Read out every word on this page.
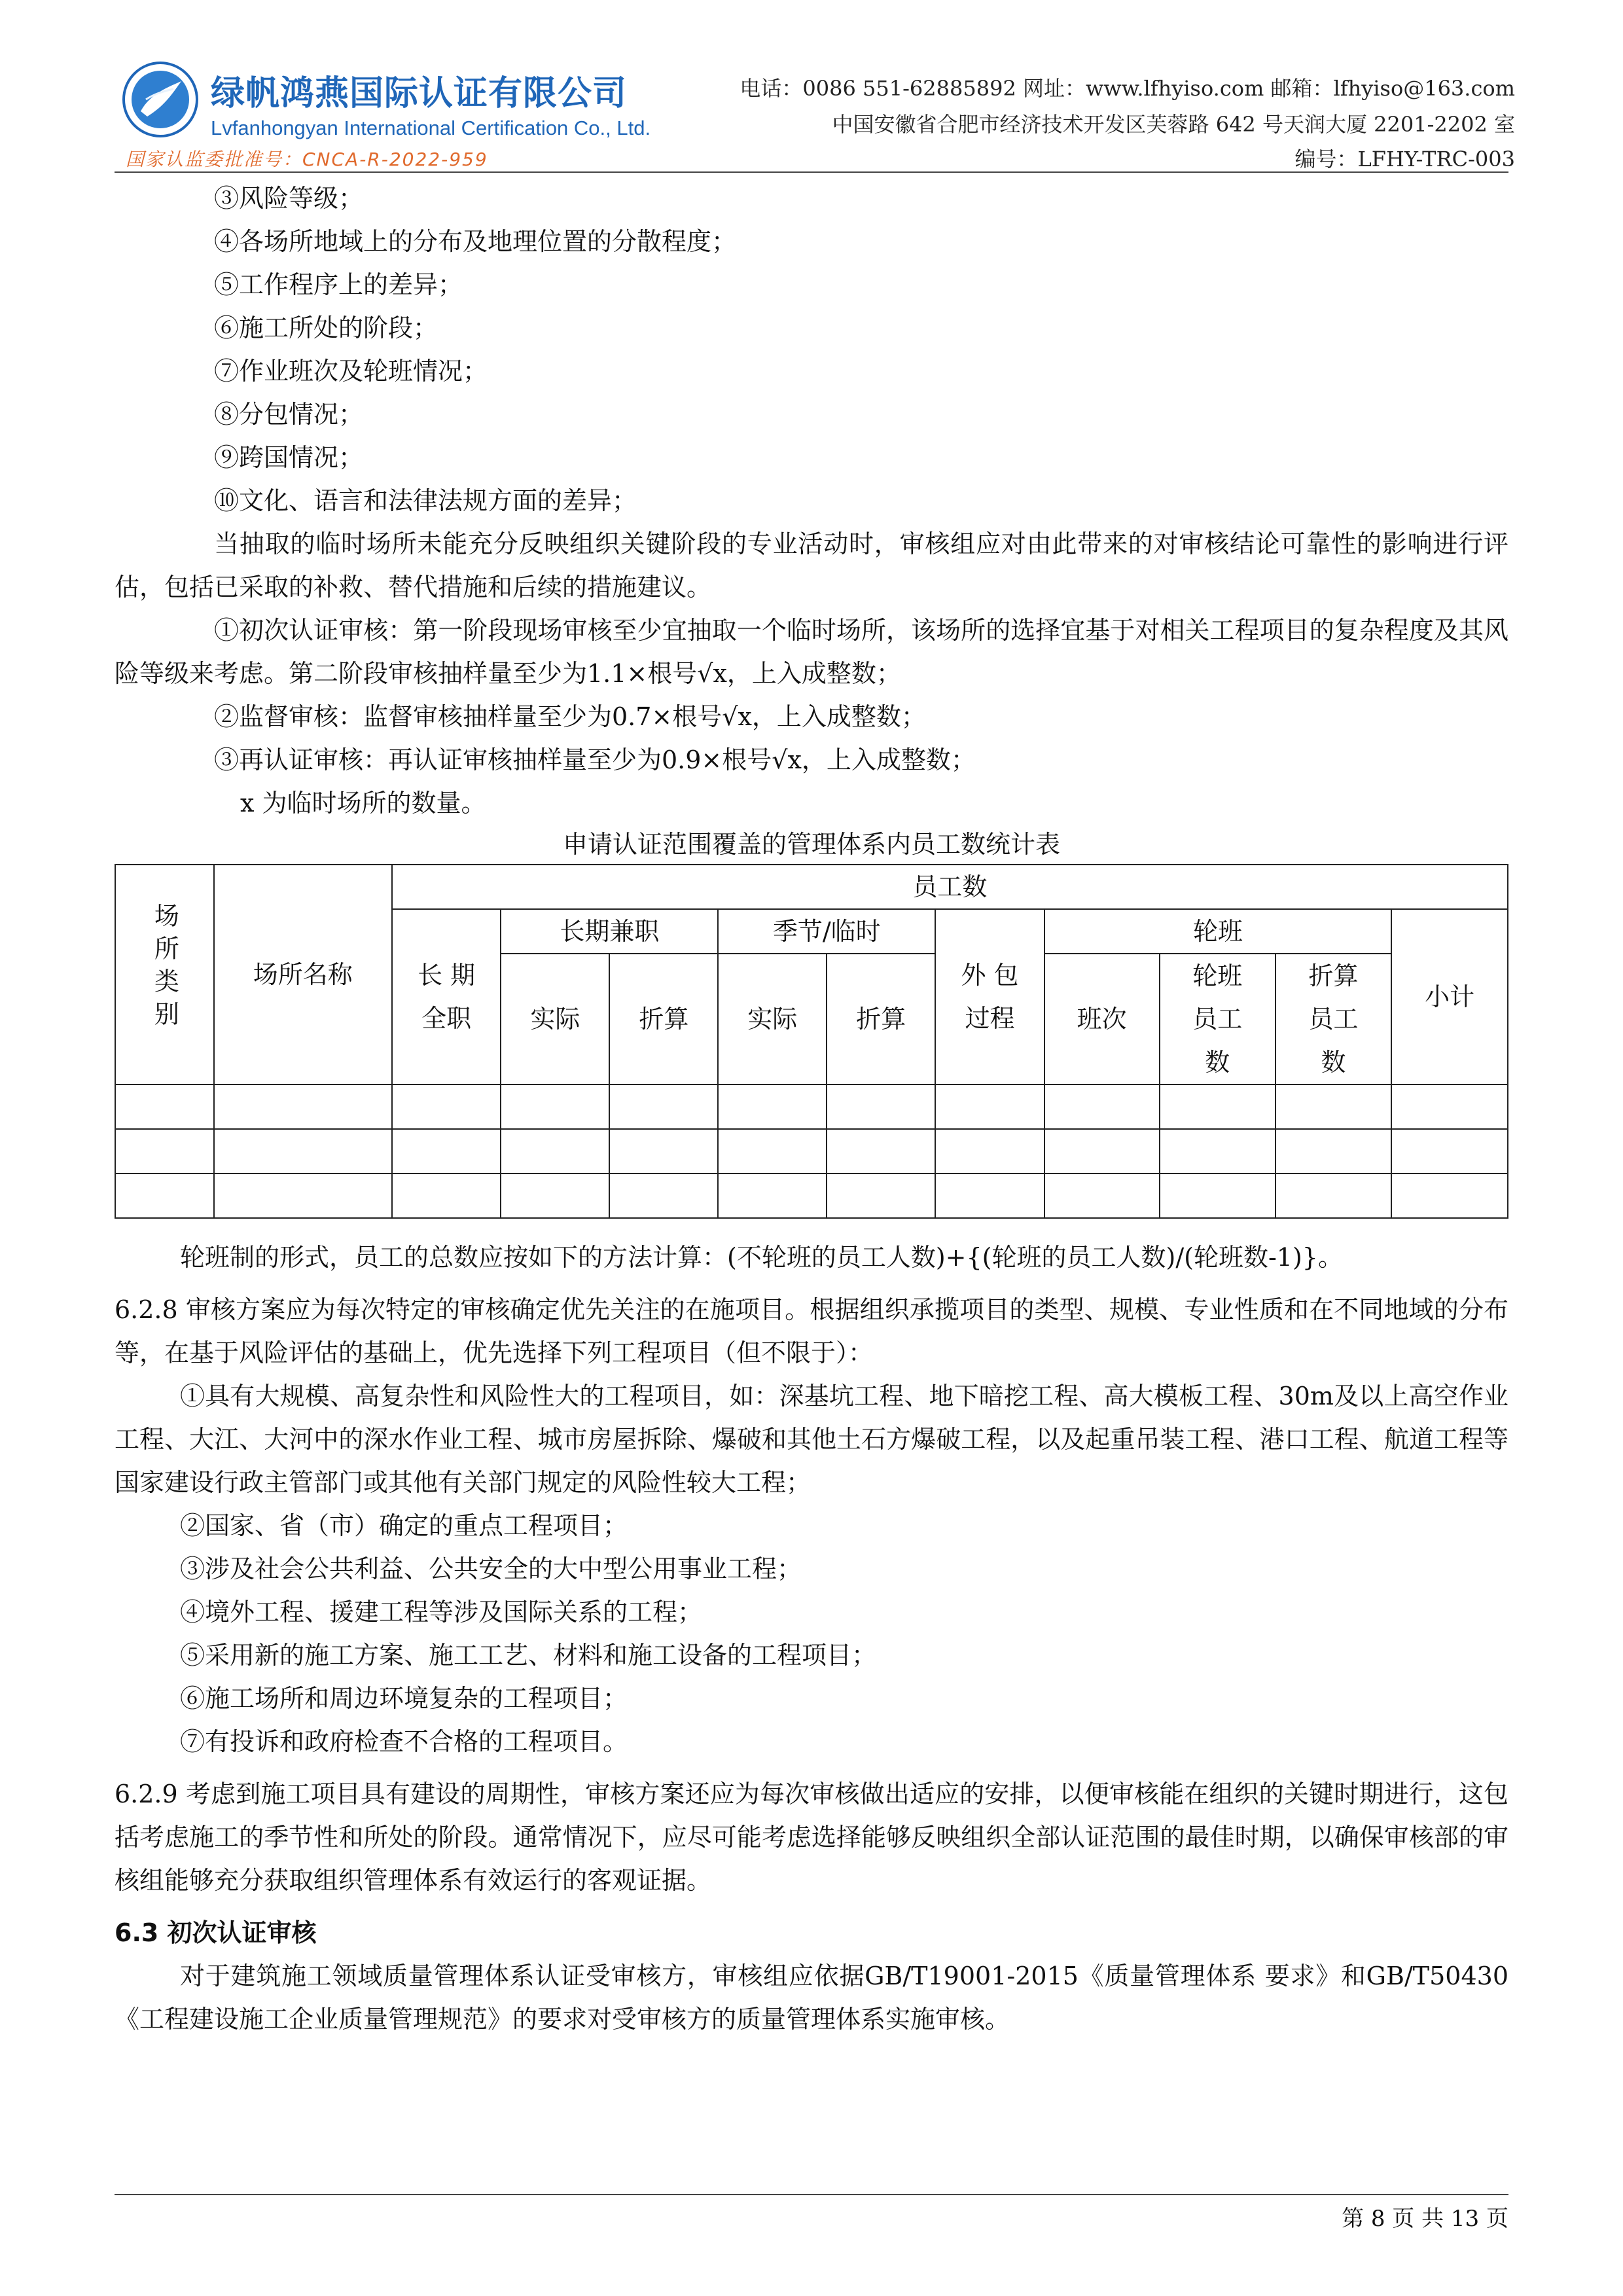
绿帆鸿燕国际认证有限公司
Lvfanhongyan International Certification Co., Ltd.
国家认监委批准号：CNCA-R-2022-959
电话：0086 551-62885892 网址：www.lfhyiso.com 邮箱：lfhyiso@163.com
中国安徽省合肥市经济技术开发区芙蓉路 642 号天润大厦 2201-2202 室
编号：LFHY-TRC-003
③风险等级；
④各场所地域上的分布及地理位置的分散程度；
⑤工作程序上的差异；
⑥施工所处的阶段；
⑦作业班次及轮班情况；
⑧分包情况；
⑨跨国情况；
⑩文化、语言和法律法规方面的差异；
当抽取的临时场所未能充分反映组织关键阶段的专业活动时，审核组应对由此带来的对审核结论可靠性的影响进行评估，包括已采取的补救、替代措施和后续的措施建议。
①初次认证审核：第一阶段现场审核至少宜抽取一个临时场所，该场所的选择宜基于对相关工程项目的复杂程度及其风险等级来考虑。第二阶段审核抽样量至少为1.1×根号√x，上入成整数；
②监督审核：监督审核抽样量至少为0.7×根号√x，上入成整数；
③再认证审核：再认证审核抽样量至少为0.9×根号√x，上入成整数；
x 为临时场所的数量。
申请认证范围覆盖的管理体系内员工数统计表
场所类别	场所名称	员工数									
		长 期 全职	长期兼职		季节/临时		外 包 过程	轮班			小计
			实际	折算	实际	折算		班次	轮班员工数	折算员工数	

轮班制的形式，员工的总数应按如下的方法计算：(不轮班的员工人数)+{(轮班的员工人数)/(轮班数-1)}。
6.2.8 审核方案应为每次特定的审核确定优先关注的在施项目。根据组织承揽项目的类型、规模、专业性质和在不同地域的分布等，在基于风险评估的基础上，优先选择下列工程项目（但不限于）：
①具有大规模、高复杂性和风险性大的工程项目，如：深基坑工程、地下暗挖工程、高大模板工程、30m及以上高空作业工程、大江、大河中的深水作业工程、城市房屋拆除、爆破和其他土石方爆破工程，以及起重吊装工程、港口工程、航道工程等国家建设行政主管部门或其他有关部门规定的风险性较大工程；
②国家、省（市）确定的重点工程项目；
③涉及社会公共利益、公共安全的大中型公用事业工程；
④境外工程、援建工程等涉及国际关系的工程；
⑤采用新的施工方案、施工工艺、材料和施工设备的工程项目；
⑥施工场所和周边环境复杂的工程项目；
⑦有投诉和政府检查不合格的工程项目。
6.2.9 考虑到施工项目具有建设的周期性，审核方案还应为每次审核做出适应的安排，以便审核能在组织的关键时期进行，这包括考虑施工的季节性和所处的阶段。通常情况下，应尽可能考虑选择能够反映组织全部认证范围的最佳时期，以确保审核部的审核组能够充分获取组织管理体系有效运行的客观证据。
6.3 初次认证审核
对于建筑施工领域质量管理体系认证受审核方，审核组应依据GB/T19001-2015《质量管理体系 要求》和GB/T50430《工程建设施工企业质量管理规范》的要求对受审核方的质量管理体系实施审核。
第 8 页 共 13 页
